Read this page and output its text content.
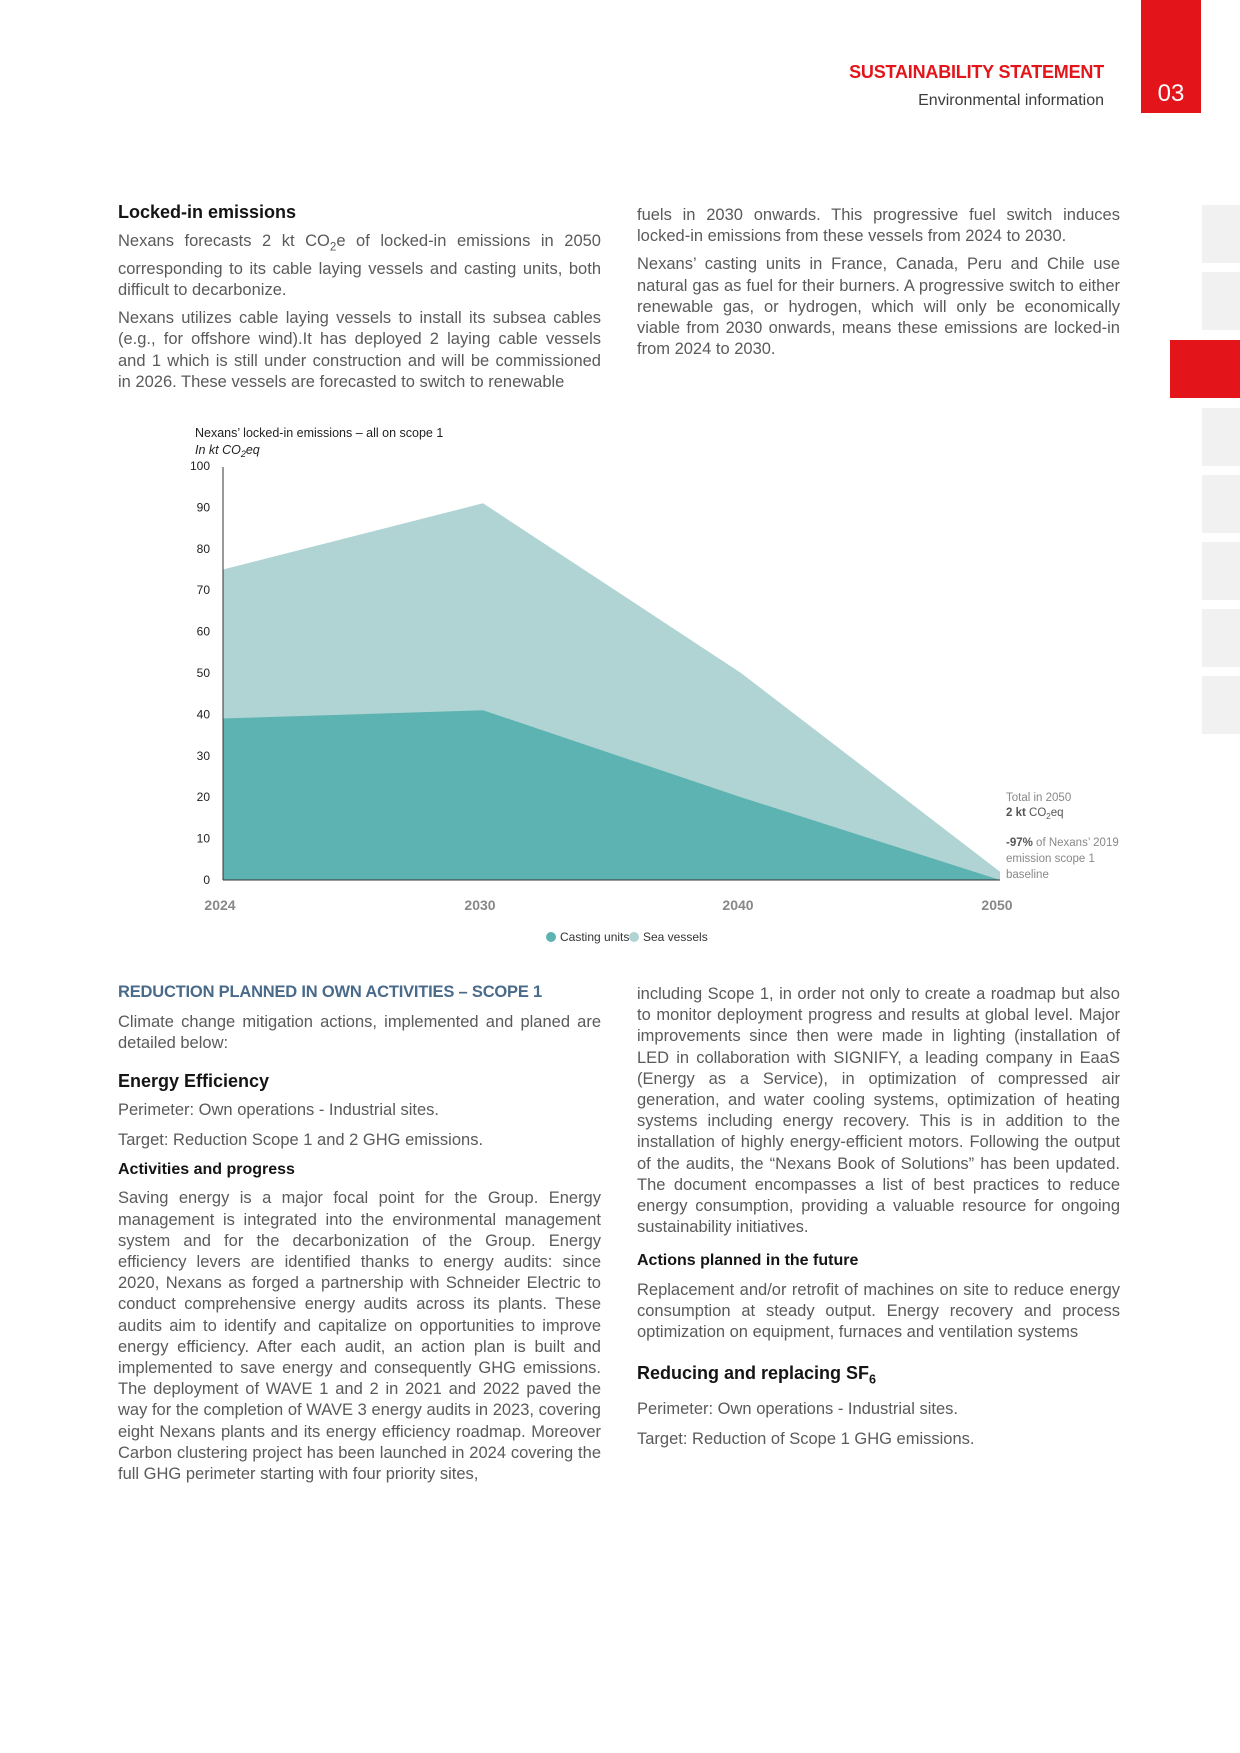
SUSTAINABILITY STATEMENT
Environmental information	03
Locked-in emissions

Nexans forecasts 2 kt $CO_2e$ of locked-in emissions in 2050 corresponding to its cable laying vessels and casting units, both difficult to decarbonize.

Nexans utilizes cable laying vessels to install its subsea cables (e.g., for offshore wind).It has deployed 2 laying cable vessels and 1 which is still under construction and will be commissioned in 2026. These vessels are forecasted to switch to renewable

fuels in 2030 onwards. This progressive fuel switch induces locked-in emissions from these vessels from 2024 to 2030.

Nexans’ casting units in France, Canada, Peru and Chile use natural gas as fuel for their burners. A progressive switch to either renewable gas, or hydrogen, which will only be economically viable from 2030 onwards, means these emissions are locked-in from 2024 to 2030.

Nexans’ locked-in emissions – all on scope 1
In kt $CO_2eq$
0
10
20
30
40
50
60
70
80
90
100
2024	2030	2040	2050
Total in 2050
2 kt $CO_2eq$
-97% of Nexans’ 2019
emission scope 1
baseline
Casting units Sea vessels
REDUCTION PLANNED IN OWN ACTIVITIES – SCOPE 1

Climate change mitigation actions, implemented and planed are detailed below:

Energy Efficiency

Perimeter: Own operations - Industrial sites.

Target: Reduction Scope 1 and 2 GHG emissions.

Activities and progress

Saving energy is a major focal point for the Group. Energy management is integrated into the environmental management system and for the decarbonization of the Group. Energy efficiency levers are identified thanks to energy audits: since 2020, Nexans as forged a partnership with Schneider Electric to conduct comprehensive energy audits across its plants. These audits aim to identify and capitalize on opportunities to improve energy efficiency. After each audit, an action plan is built and implemented to save energy and consequently GHG emissions. The deployment of WAVE 1 and 2 in 2021 and 2022 paved the way for the completion of WAVE 3 energy audits in 2023, covering eight Nexans plants and its energy efficiency roadmap. Moreover Carbon clustering project has been launched in 2024 covering the full GHG perimeter starting with four priority sites,

including Scope 1, in order not only to create a roadmap but also to monitor deployment progress and results at global level. Major improvements since then were made in lighting (installation of LED in collaboration with SIGNIFY, a leading company in EaaS (Energy as a Service), in optimization of compressed air generation, and water cooling systems, optimization of heating systems including energy recovery. This is in addition to the installation of highly energy-efficient motors. Following the output of the audits, the “Nexans Book of Solutions” has been updated. The document encompasses a list of best practices to reduce energy consumption, providing a valuable resource for ongoing sustainability initiatives.

Actions planned in the future

Replacement and/or retrofit of machines on site to reduce energy consumption at steady output. Energy recovery and process optimization on equipment, furnaces and ventilation systems

Reducing and replacing $SF_6$

Perimeter: Own operations - Industrial sites.

Target: Reduction of Scope 1 GHG emissions.
